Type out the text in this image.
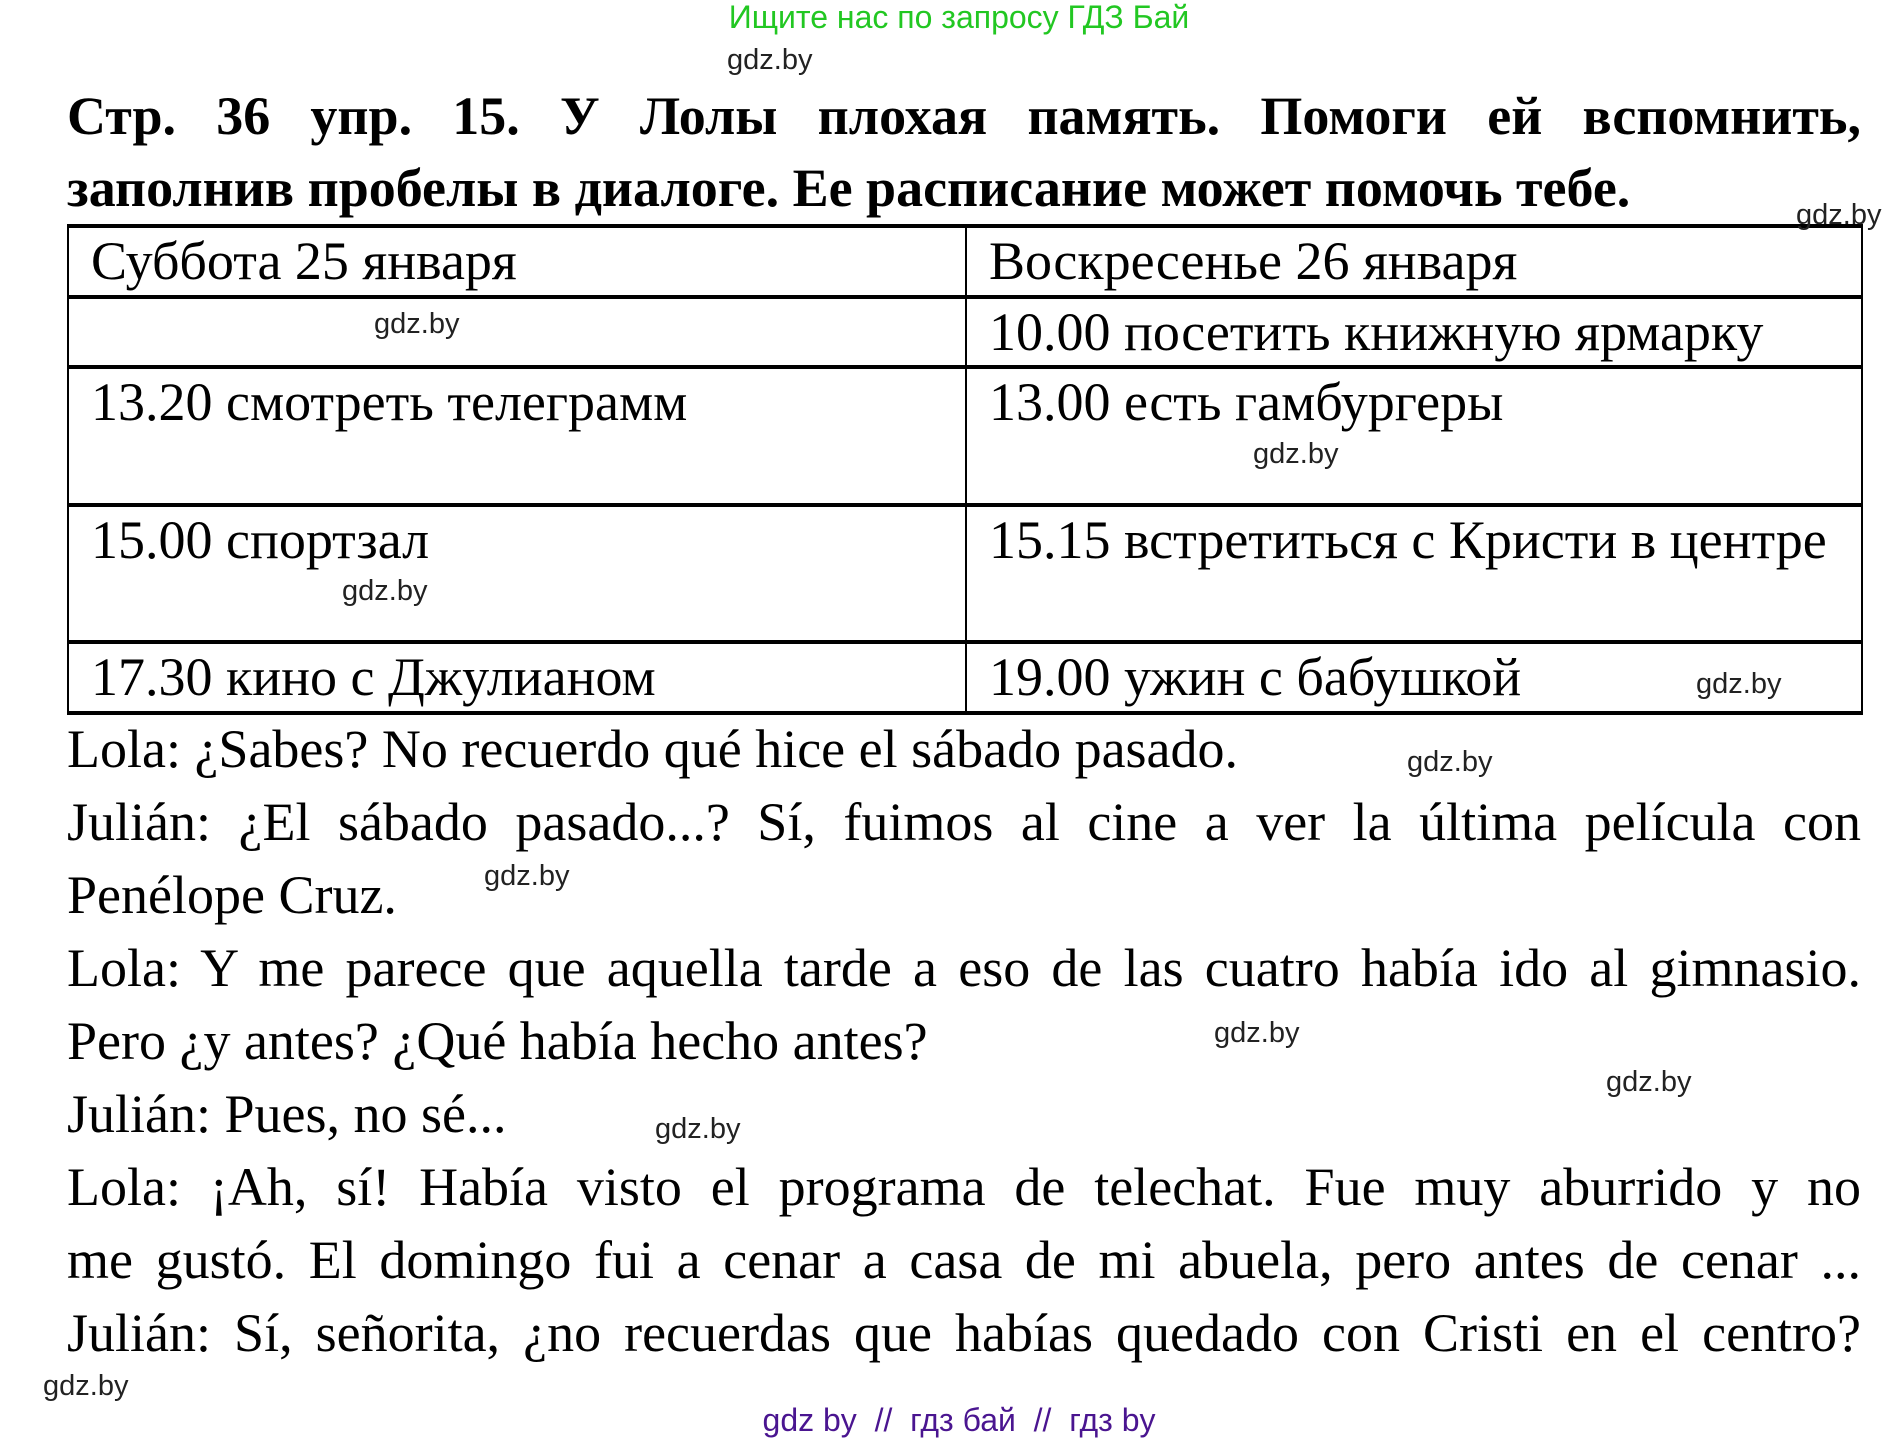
Ищите нас по запросу ГДЗ Бай
Стр. 36 упр. 15. У Лолы плохая память. Помоги ей вспомнить,
заполнив пробелы в диалоге. Ее расписание может помочь тебе.
Суббота 25 января	Воскресенье 26 января
	10.00 посетить книжную ярмарку
13.20 смотреть телеграмм	13.00 есть гамбургеры
15.00 спортзал	15.15 встретиться с Кристи в центре
17.30 кино с Джулианом	19.00 ужин с бабушкой
Lola: ¿Sabes? No recuerdo qué hice el sábado pasado.
Julián: ¿El sábado pasado...? Sí, fuimos al cine a ver la última película con
Penélope Cruz.
Lola: Y me parece que aquella tarde a eso de las cuatro había ido al gimnasio.
Pero ¿y antes? ¿Qué había hecho antes?
Julián: Pues, no sé...
Lola: ¡Ah, sí! Había visto el programa de telechat. Fue muy aburrido y no
me gustó. El domingo fui a cenar a casa de mi abuela, pero antes de cenar ...
Julián: Sí, señorita, ¿no recuerdas que habías quedado con Cristi en el centro?
gdz.by
gdz.by
gdz.by
gdz.by
gdz.by
gdz.by
gdz.by
gdz.by
gdz.by
gdz.by
gdz.by
gdz.by
gdz by  //  гдз бай  //  гдз by
